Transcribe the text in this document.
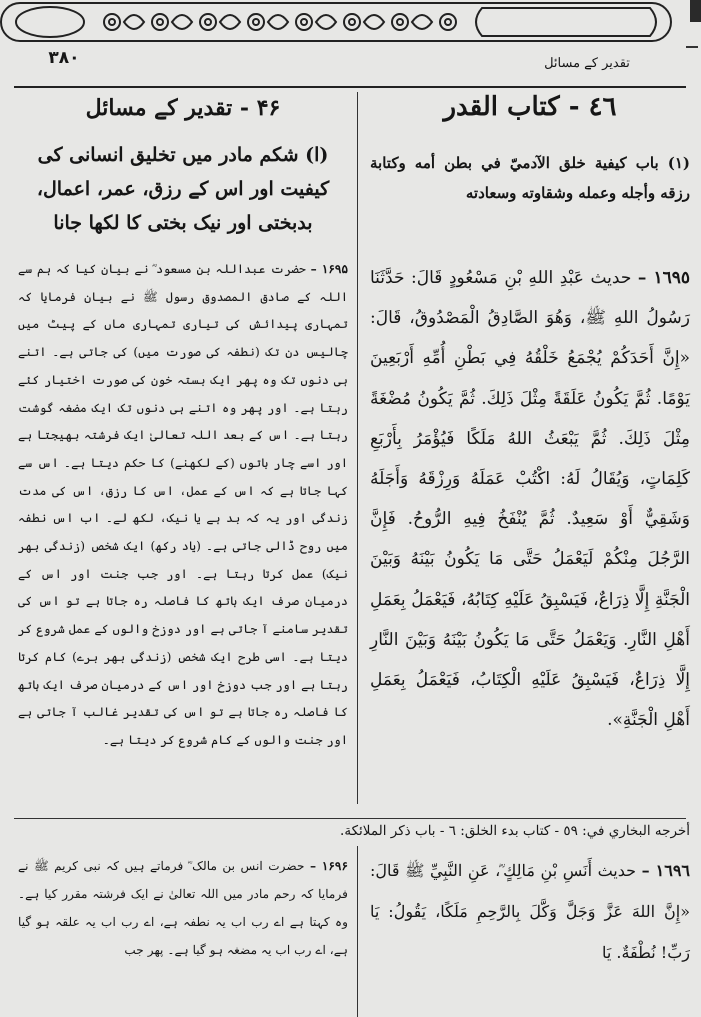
۳۸۰	تقدیر کے مسائل
٤٦ - كتاب القدر
۴۶ - تقدیر کے مسائل
(١) باب كيفية خلق الآدميّ في بطن أمه وكتابة رزقه وأجله وعمله وشقاوته وسعادته
(ا) شکم مادر میں تخلیق انسانی کی کیفیت اور اس کے رزق، عمر، اعمال، بدبختی اور نیک بختی کا لکھا جانا
١٦٩٥ – حديث عَبْدِ اللهِ بْنِ مَسْعُودٍ قَالَ: حَدَّثَنَا رَسُولُ اللهِ ﷺ، وَهُوَ الصَّادِقُ الْمَصْدُوقُ، قَالَ: «إِنَّ أَحَدَكُمْ يُجْمَعُ خَلْقُهُ فِي بَطْنِ أُمِّهِ أَرْبَعِينَ يَوْمًا. ثُمَّ يَكُونُ عَلَقَةً مِثْلَ ذَلِكَ. ثُمَّ يَكُونُ مُضْغَةً مِثْلَ ذَلِكَ. ثُمَّ يَبْعَثُ اللهُ مَلَكًا فَيُؤْمَرُ بِأَرْبَعِ كَلِمَاتٍ، وَيُقَالُ لَهُ: اكْتُبْ عَمَلَهُ وَرِزْقَهُ وَأَجَلَهُ وَشَقِيٌّ أَوْ سَعِيدٌ. ثُمَّ يُنْفَخُ فِيهِ الرُّوحُ. فَإِنَّ الرَّجُلَ مِنْكُمْ لَيَعْمَلُ حَتَّى مَا يَكُونُ بَيْنَهُ وَبَيْنَ الْجَنَّةِ إِلَّا ذِرَاعٌ، فَيَسْبِقُ عَلَيْهِ كِتَابُهُ، فَيَعْمَلُ بِعَمَلِ أَهْلِ النَّارِ. وَيَعْمَلُ حَتَّى مَا يَكُونُ بَيْنَهُ وَبَيْنَ النَّارِ إِلَّا ذِرَاعٌ، فَيَسْبِقُ عَلَيْهِ الْكِتَابُ، فَيَعْمَلُ بِعَمَلِ أَهْلِ الْجَنَّةِ».
۱۶۹۵ – حضرت عبداللہ بن مسعود ؓ نے بیان کیا کہ ہم سے اللہ کے صادق المصدوق رسول ﷺ نے بیان فرمایا کہ تمہاری پیدائش کی تیاری تمہاری ماں کے پیٹ میں چالیس دن تک (نطفہ کی صورت میں) کی جاتی ہے۔ اتنے ہی دنوں تک وہ پھر ایک بستہ خون کی صورت اختیار کئے رہتا ہے۔ اور پھر وہ اتنے ہی دنوں تک ایک مضغہ گوشت رہتا ہے۔ اس کے بعد اللہ تعالیٰ ایک فرشتہ بھیجتا ہے اور اسے چار باتوں (کے لکھنے) کا حکم دیتا ہے۔ اس سے کہا جاتا ہے کہ اس کے عمل، اس کا رزق، اس کی مدت زندگی اور یہ کہ بد ہے یا نیک، لکھ لے۔ اب اس نطفہ میں روح ڈالی جاتی ہے۔ (یاد رکھ) ایک شخص (زندگی بھر نیک) عمل کرتا رہتا ہے۔ اور جب جنت اور اس کے درمیان صرف ایک ہاتھ کا فاصلہ رہ جاتا ہے تو اس کی تقدیر سامنے آ جاتی ہے اور دوزخ والوں کے عمل شروع کر دیتا ہے۔ اسی طرح ایک شخص (زندگی بھر برے) کام کرتا رہتا ہے اور جب دوزخ اور اس کے درمیان صرف ایک ہاتھ کا فاصلہ رہ جاتا ہے تو اس کی تقدیر غالب آ جاتی ہے اور جنت والوں کے کام شروع کر دیتا ہے۔
أخرجه البخاري في: ٥٩ - كتاب بدء الخلق: ٦ - باب ذكر الملائكة.
١٦٩٦ – حديث أَنَسِ بْنِ مَالِكٍ ؓ، عَنِ النَّبِيِّ ﷺ قَالَ: «إِنَّ اللهَ عَزَّ وَجَلَّ وَكَّلَ بِالرَّحِمِ مَلَكًا، يَقُولُ: يَا رَبِّ! نُطْفَةٌ. يَا
۱۶۹۶ – حضرت انس بن مالک ؓ فرماتے ہیں کہ نبی کریم ﷺ نے فرمایا کہ رحم مادر میں اللہ تعالیٰ نے ایک فرشتہ مقرر کیا ہے۔ وہ کہتا ہے اے رب اب یہ نطفہ ہے، اے رب اب یہ علقہ ہو گیا ہے، اے رب اب یہ مضغہ ہو گیا ہے۔ پھر جب
